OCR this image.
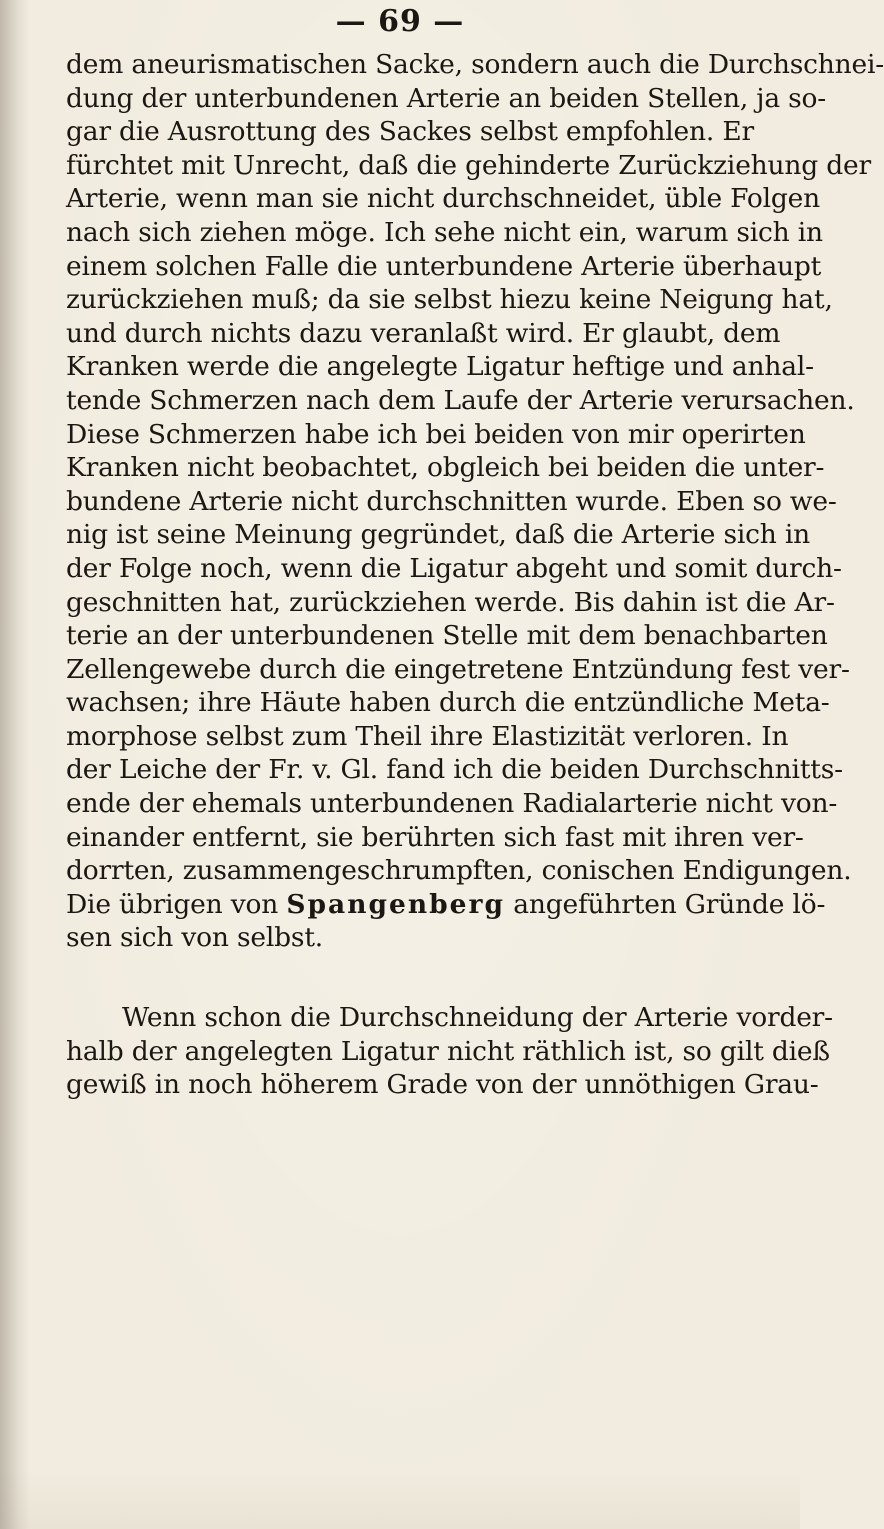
— 69 —
dem aneurismatischen Sacke, sondern auch die Durchschnei-
dung der unterbundenen Arterie an beiden Stellen, ja so-
gar die Ausrottung des Sackes selbst empfohlen. Er
fürchtet mit Unrecht, daß die gehinderte Zurückziehung der
Arterie, wenn man sie nicht durchschneidet, üble Folgen
nach sich ziehen möge. Ich sehe nicht ein, warum sich in
einem solchen Falle die unterbundene Arterie überhaupt
zurückziehen muß; da sie selbst hiezu keine Neigung hat,
und durch nichts dazu veranlaßt wird. Er glaubt, dem
Kranken werde die angelegte Ligatur heftige und anhal-
tende Schmerzen nach dem Laufe der Arterie verursachen.
Diese Schmerzen habe ich bei beiden von mir operirten
Kranken nicht beobachtet, obgleich bei beiden die unter-
bundene Arterie nicht durchschnitten wurde. Eben so we-
nig ist seine Meinung gegründet, daß die Arterie sich in
der Folge noch, wenn die Ligatur abgeht und somit durch-
geschnitten hat, zurückziehen werde. Bis dahin ist die Ar-
terie an der unterbundenen Stelle mit dem benachbarten
Zellengewebe durch die eingetretene Entzündung fest ver-
wachsen; ihre Häute haben durch die entzündliche Meta-
morphose selbst zum Theil ihre Elastizität verloren. In
der Leiche der Fr. v. Gl. fand ich die beiden Durchschnitts-
ende der ehemals unterbundenen Radialarterie nicht von-
einander entfernt, sie berührten sich fast mit ihren ver-
dorrten, zusammengeschrumpften, conischen Endigungen.
Die übrigen von Spangenberg angeführten Gründe lö-
sen sich von selbst.
Wenn schon die Durchschneidung der Arterie vorder-
halb der angelegten Ligatur nicht räthlich ist, so gilt dieß
gewiß in noch höherem Grade von der unnöthigen Grau-
